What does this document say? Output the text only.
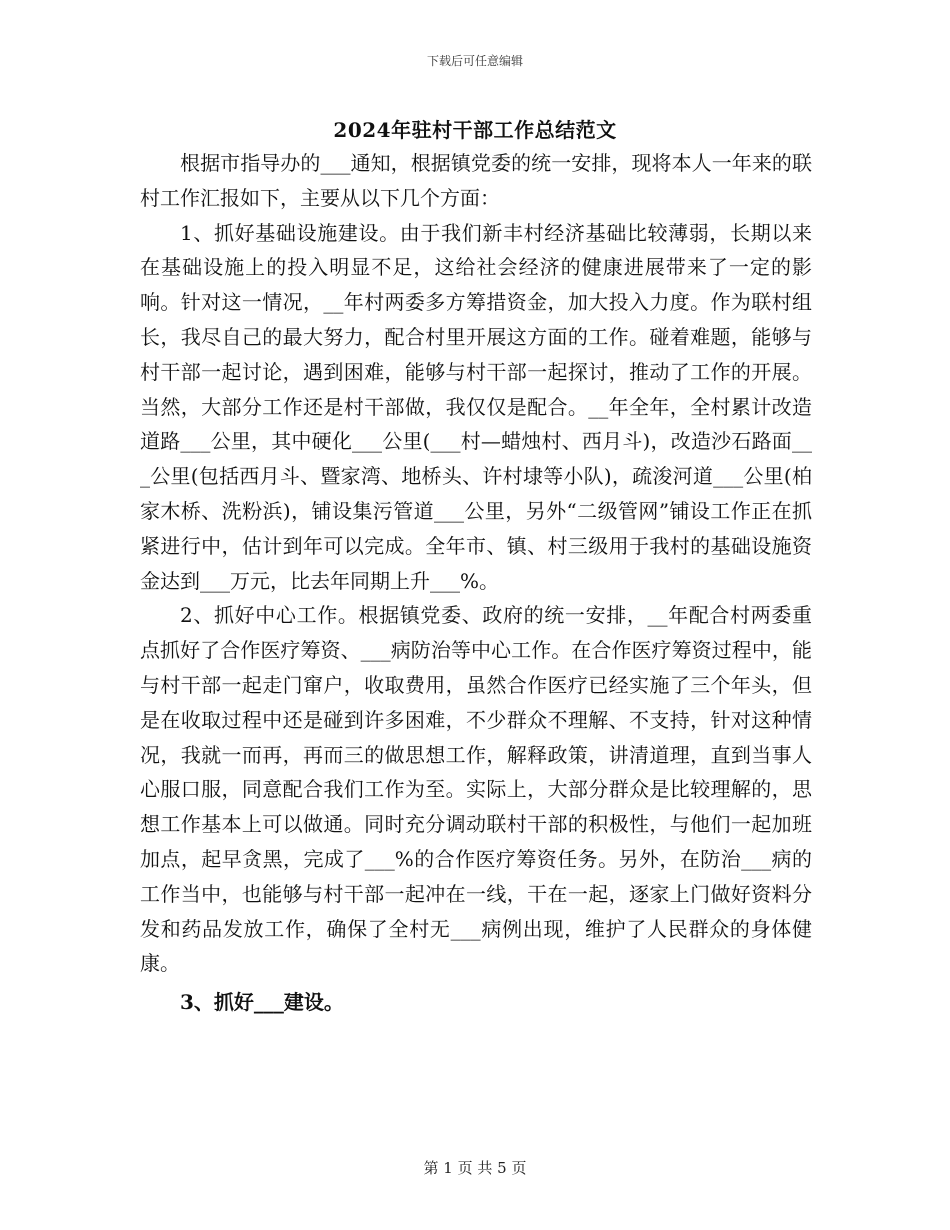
下载后可任意编辑
2024年驻村干部工作总结范文

根据市指导办的___通知，根据镇党委的统一安排，现将本人一年来的联村工作汇报如下，主要从以下几个方面：

1、抓好基础设施建设。由于我们新丰村经济基础比较薄弱，长期以来在基础设施上的投入明显不足，这给社会经济的健康进展带来了一定的影响。针对这一情况，__年村两委多方筹措资金，加大投入力度。作为联村组长，我尽自己的最大努力，配合村里开展这方面的工作。碰着难题，能够与村干部一起讨论，遇到困难，能够与村干部一起探讨，推动了工作的开展。当然，大部分工作还是村干部做，我仅仅是配合。__年全年，全村累计改造道路___公里，其中硬化___公里(___村—蜡烛村、西月斗)，改造沙石路面___公里(包括西月斗、暨家湾、地桥头、许村埭等小队)，疏浚河道___公里(柏家木桥、洗粉浜)，铺设集污管道___公里，另外“二级管网”铺设工作正在抓紧进行中，估计到年可以完成。全年市、镇、村三级用于我村的基础设施资金达到___万元，比去年同期上升___%。

2、抓好中心工作。根据镇党委、政府的统一安排，__年配合村两委重点抓好了合作医疗筹资、___病防治等中心工作。在合作医疗筹资过程中，能与村干部一起走门窜户，收取费用，虽然合作医疗已经实施了三个年头，但是在收取过程中还是碰到许多困难，不少群众不理解、不支持，针对这种情况，我就一而再，再而三的做思想工作，解释政策，讲清道理，直到当事人心服口服，同意配合我们工作为至。实际上，大部分群众是比较理解的，思想工作基本上可以做通。同时充分调动联村干部的积极性，与他们一起加班加点，起早贪黑，完成了___%的合作医疗筹资任务。另外，在防治___病的工作当中，也能够与村干部一起冲在一线，干在一起，逐家上门做好资料分发和药品发放工作，确保了全村无___病例出现，维护了人民群众的身体健康。

3、抓好___建设。

第 1 页 共 5 页
